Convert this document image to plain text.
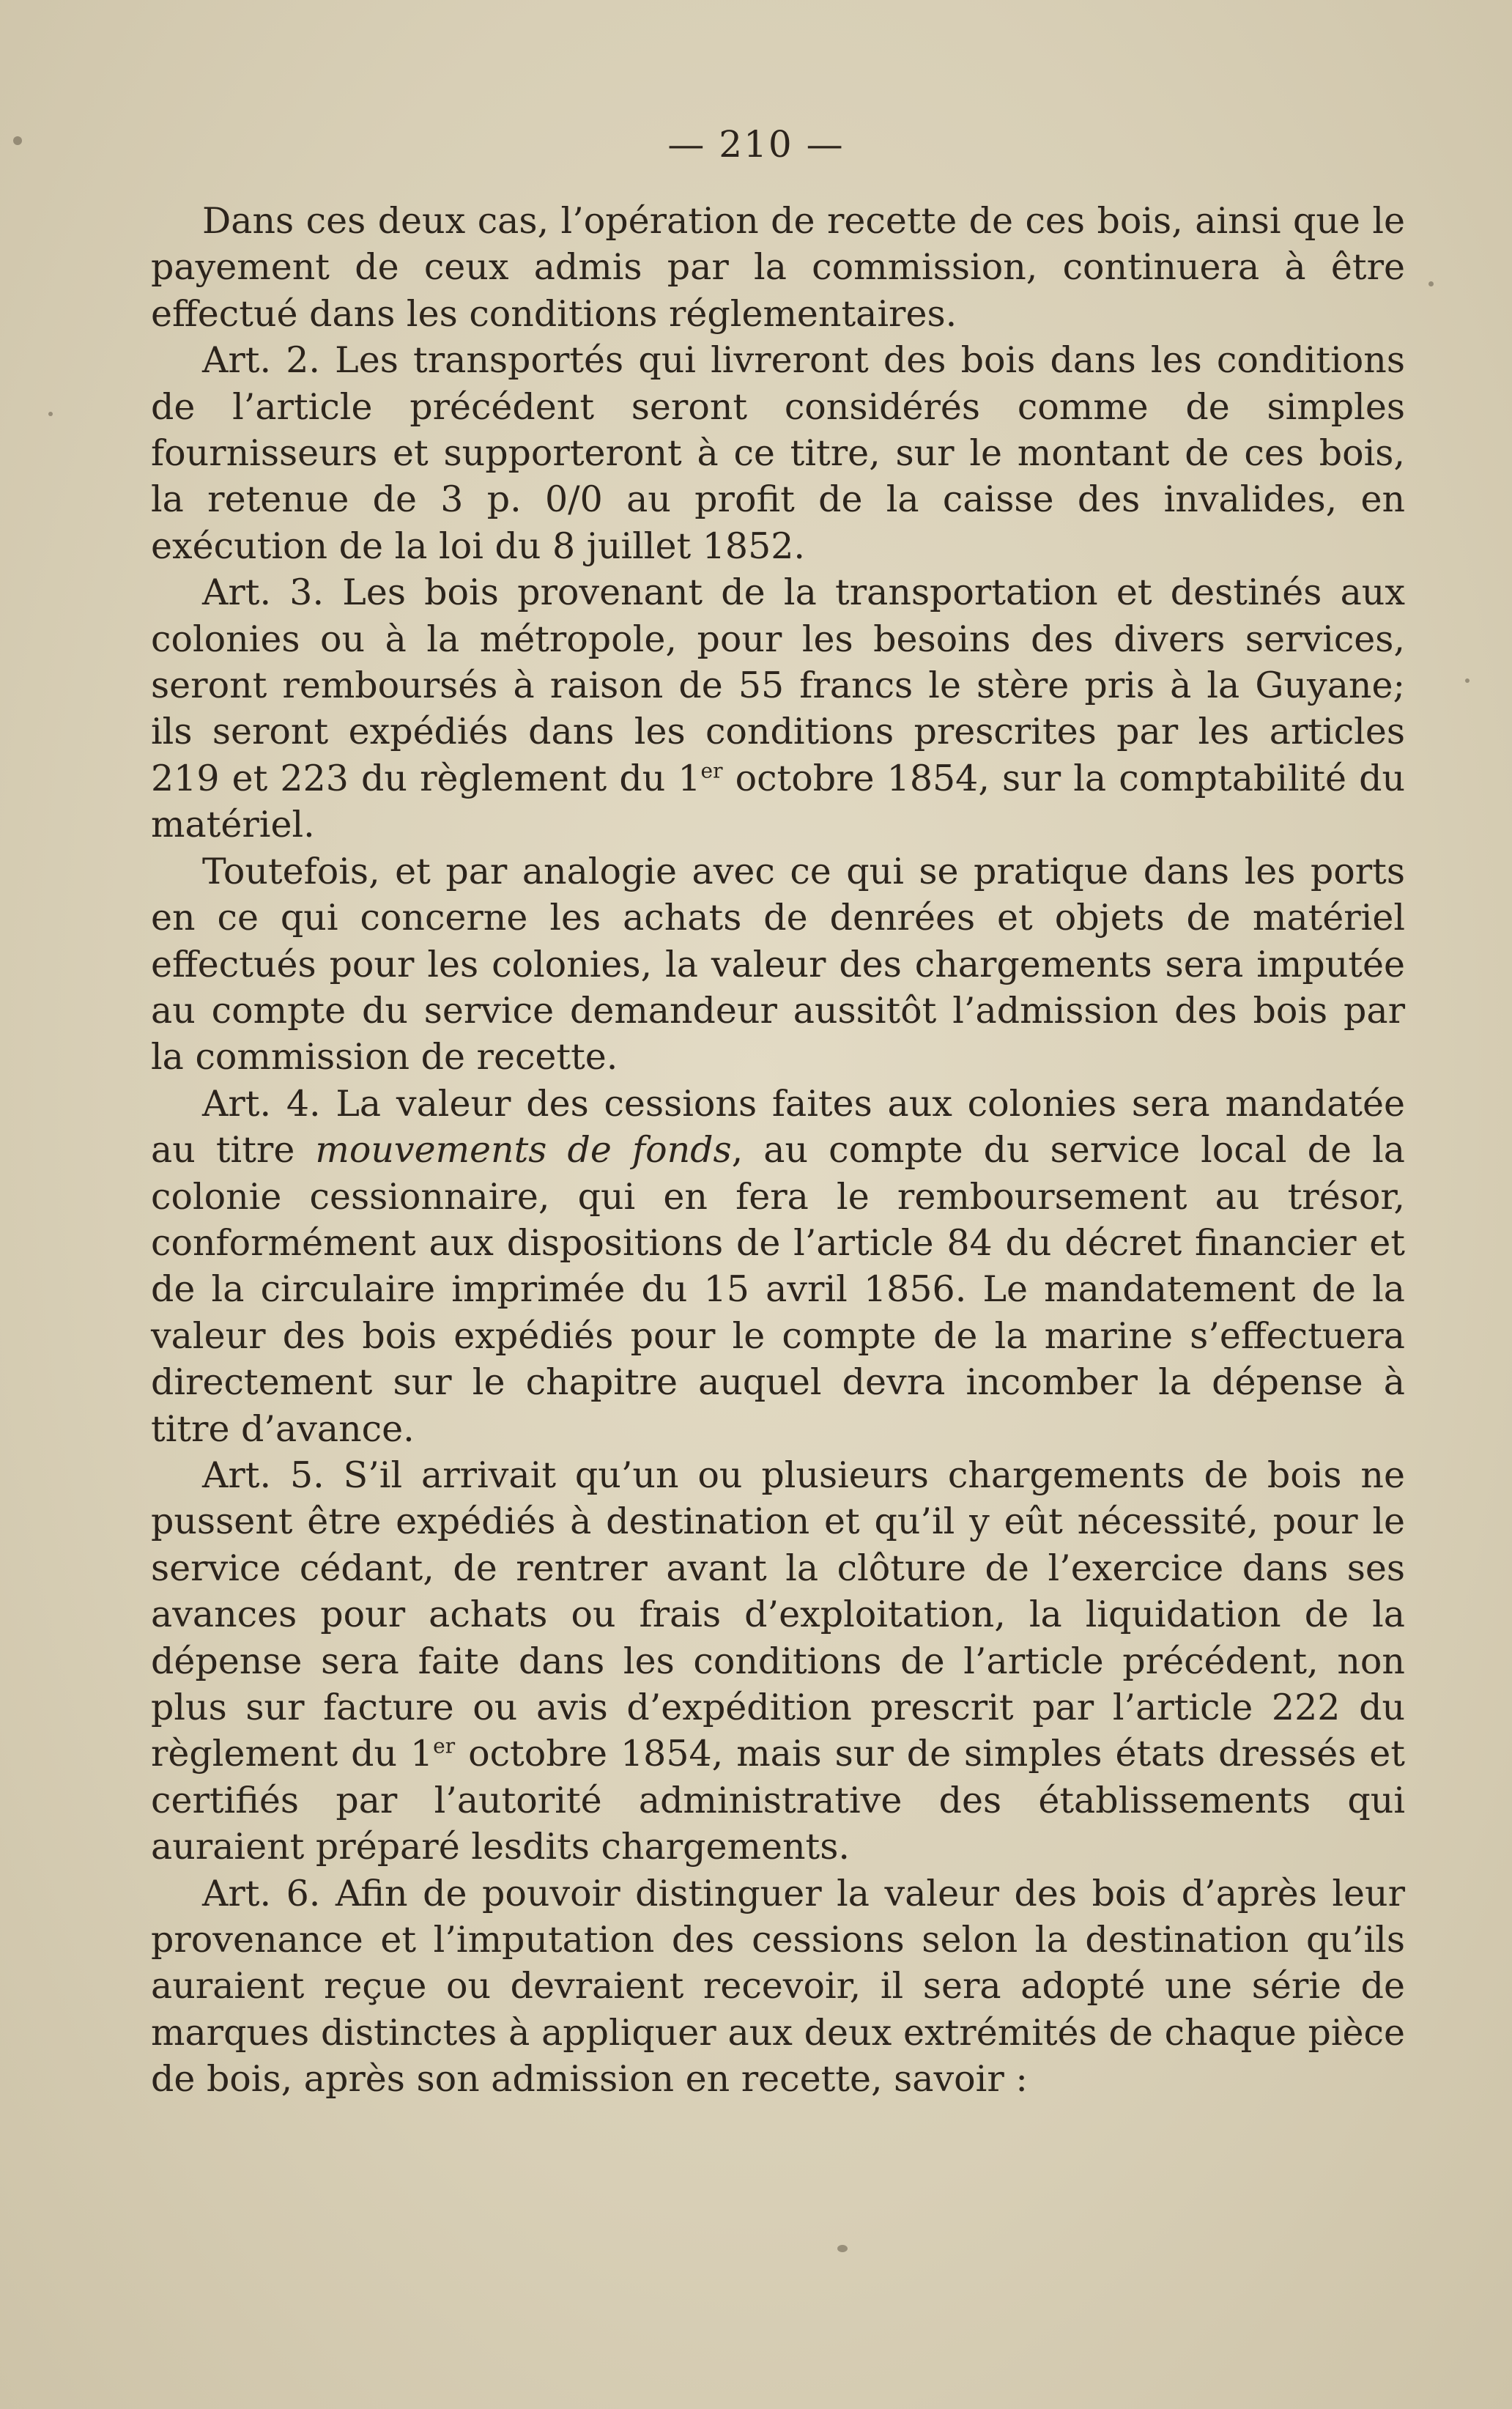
— 210 —

Dans ces deux cas, l’opération de recette de ces bois, ainsi que le payement de ceux admis par la commission, continuera à être effectué dans les conditions réglementaires.

Art. 2. Les transportés qui livreront des bois dans les conditions de l’article précédent seront considérés comme de simples fournisseurs et supporteront à ce titre, sur le montant de ces bois, la retenue de 3 p. 0/0 au profit de la caisse des invalides, en exécution de la loi du 8 juillet 1852.

Art. 3. Les bois provenant de la transportation et destinés aux colonies ou à la métropole, pour les besoins des divers services, seront remboursés à raison de 55 francs le stère pris à la Guyane; ils seront expédiés dans les conditions prescrites par les articles 219 et 223 du règlement du 1er octobre 1854, sur la comptabilité du matériel.

Toutefois, et par analogie avec ce qui se pratique dans les ports en ce qui concerne les achats de denrées et objets de matériel effectués pour les colonies, la valeur des chargements sera imputée au compte du service demandeur aussitôt l’admission des bois par la commission de recette.

Art. 4. La valeur des cessions faites aux colonies sera mandatée au titre mouvements de fonds, au compte du service local de la colonie cessionnaire, qui en fera le remboursement au trésor, conformément aux dispositions de l’article 84 du décret financier et de la circulaire imprimée du 15 avril 1856. Le mandatement de la valeur des bois expédiés pour le compte de la marine s’effectuera directement sur le chapitre auquel devra incomber la dépense à titre d’avance.

Art. 5. S’il arrivait qu’un ou plusieurs chargements de bois ne pussent être expédiés à destination et qu’il y eût nécessité, pour le service cédant, de rentrer avant la clôture de l’exercice dans ses avances pour achats ou frais d’exploitation, la liquidation de la dépense sera faite dans les conditions de l’article précédent, non plus sur facture ou avis d’expédition prescrit par l’article 222 du règlement du 1er octobre 1854, mais sur de simples états dressés et certifiés par l’autorité administrative des établissements qui auraient préparé lesdits chargements.

Art. 6. Afin de pouvoir distinguer la valeur des bois d’après leur provenance et l’imputation des cessions selon la destination qu’ils auraient reçue ou devraient recevoir, il sera adopté une série de marques distinctes à appliquer aux deux extrémités de chaque pièce de bois, après son admission en recette, savoir :
